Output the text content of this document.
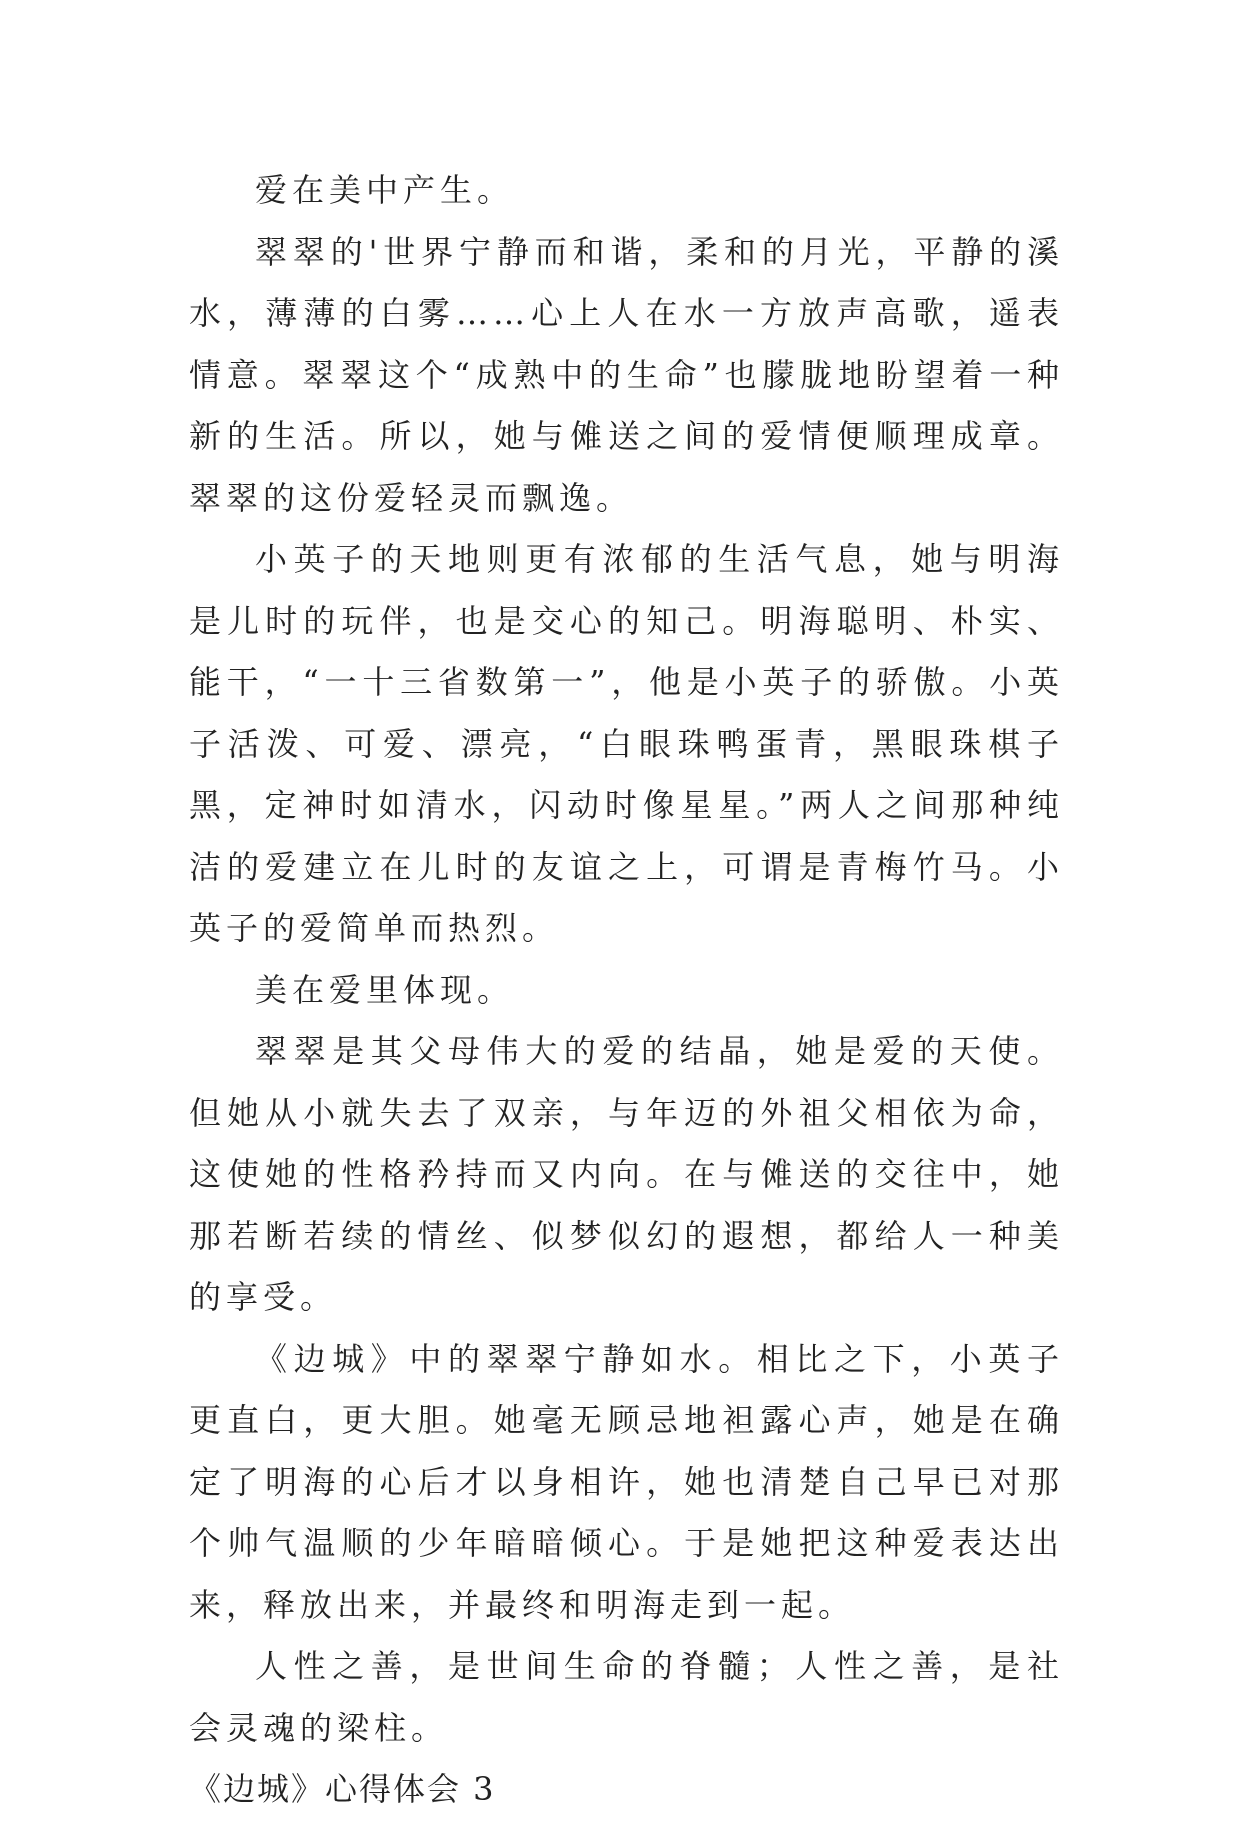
爱在美中产生。

翠翠的'世界宁静而和谐，柔和的月光，平静的溪水，薄薄的白雾……心上人在水一方放声高歌，遥表情意。翠翠这个“成熟中的生命”也朦胧地盼望着一种新的生活。所以，她与傩送之间的爱情便顺理成章。翠翠的这份爱轻灵而飘逸。

小英子的天地则更有浓郁的生活气息，她与明海是儿时的玩伴，也是交心的知己。明海聪明、朴实、能干，“一十三省数第一”，他是小英子的骄傲。小英子活泼、可爱、漂亮，“白眼珠鸭蛋青，黑眼珠棋子黑，定神时如清水，闪动时像星星。”两人之间那种纯洁的爱建立在儿时的友谊之上，可谓是青梅竹马。小英子的爱简单而热烈。

美在爱里体现。

翠翠是其父母伟大的爱的结晶，她是爱的天使。但她从小就失去了双亲，与年迈的外祖父相依为命，这使她的性格矜持而又内向。在与傩送的交往中，她那若断若续的情丝、似梦似幻的遐想，都给人一种美的享受。

《边城》中的翠翠宁静如水。相比之下，小英子更直白，更大胆。她毫无顾忌地袒露心声，她是在确定了明海的心后才以身相许，她也清楚自己早已对那个帅气温顺的少年暗暗倾心。于是她把这种爱表达出来，释放出来，并最终和明海走到一起。

人性之善，是世间生命的脊髓；人性之善，是社会灵魂的梁柱。

《边城》心得体会 3
